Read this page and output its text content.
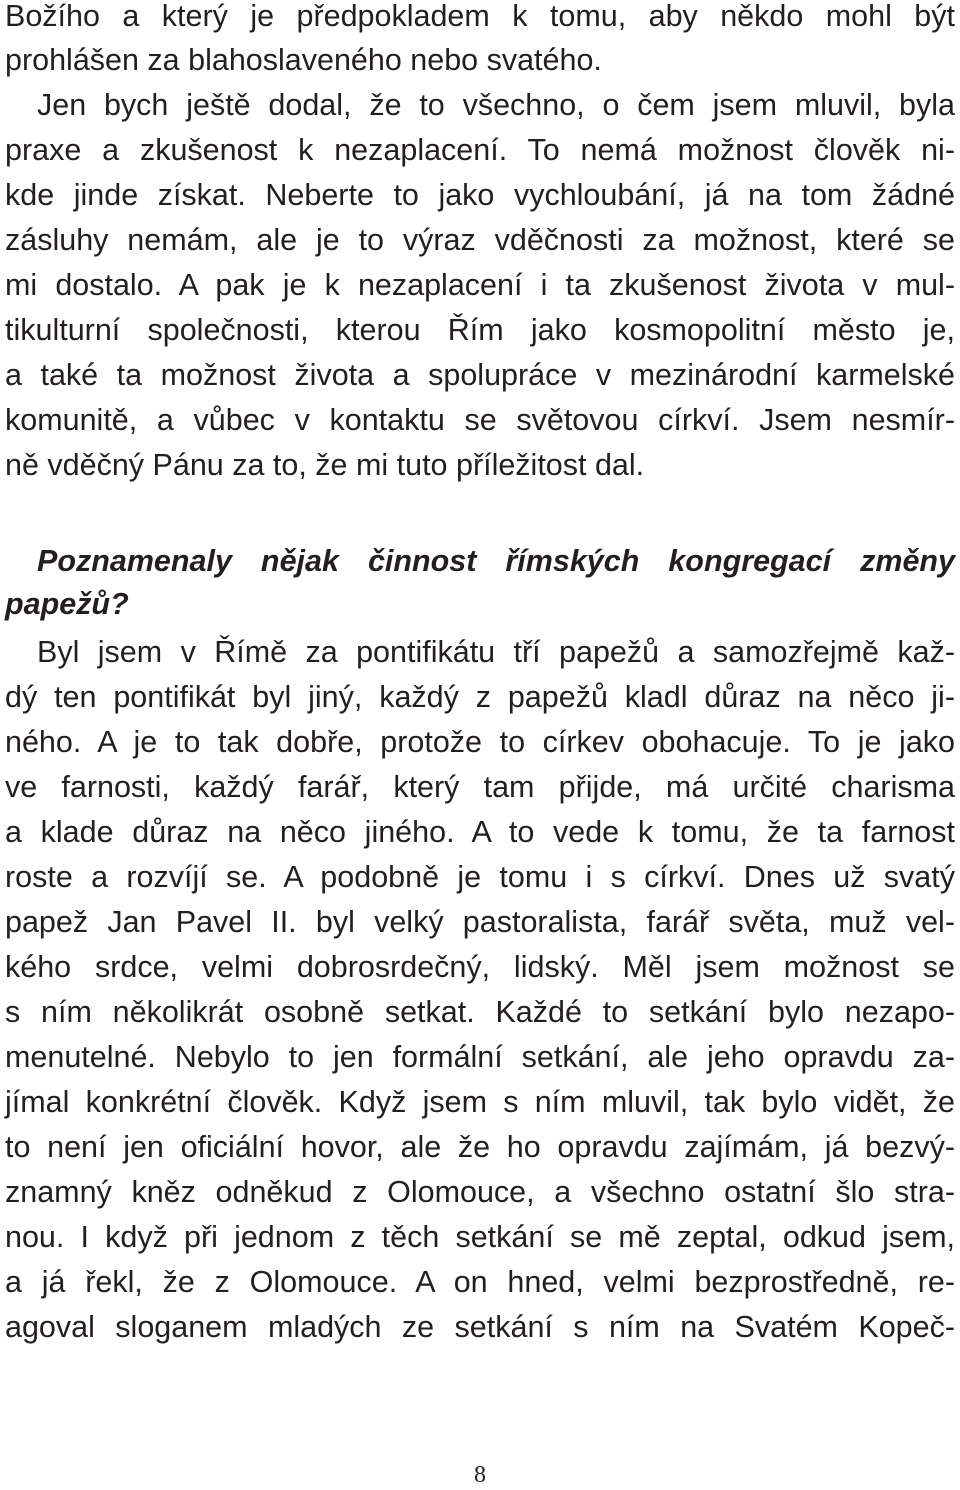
Božího a který je předpokladem k tomu, aby někdo mohl být
prohlášen za blahoslaveného nebo svatého.
Jen bych ještě dodal, že to všechno, o čem jsem mluvil, byla
praxe a zkušenost k nezaplacení. To nemá možnost člověk ni-
kde jinde získat. Neberte to jako vychloubání, já na tom žádné
zásluhy nemám, ale je to výraz vděčnosti za možnost, které se
mi dostalo. A pak je k nezaplacení i ta zkušenost života v mul-
tikulturní společnosti, kterou Řím jako kosmopolitní město je,
a také ta možnost života a spolupráce v mezinárodní karmelské
komunitě, a vůbec v kontaktu se světovou církví. Jsem nesmír-
ně vděčný Pánu za to, že mi tuto příležitost dal.
Poznamenaly nějak činnost římských kongregací změny
papežů?
Byl jsem v Římě za pontifikátu tří papežů a samozřejmě kaž-
dý ten pontifikát byl jiný, každý z papežů kladl důraz na něco ji-
ného. A je to tak dobře, protože to církev obohacuje. To je jako
ve farnosti, každý farář, který tam přijde, má určité charisma
a klade důraz na něco jiného. A to vede k tomu, že ta farnost
roste a rozvíjí se. A podobně je tomu i s církví. Dnes už svatý
papež Jan Pavel II. byl velký pastoralista, farář světa, muž vel-
kého srdce, velmi dobrosrdečný, lidský. Měl jsem možnost se
s ním několikrát osobně setkat. Každé to setkání bylo nezapo-
menutelné. Nebylo to jen formální setkání, ale jeho opravdu za-
jímal konkrétní člověk. Když jsem s ním mluvil, tak bylo vidět, že
to není jen oficiální hovor, ale že ho opravdu zajímám, já bezvý-
znamný kněz odněkud z Olomouce, a všechno ostatní šlo stra-
nou. I když při jednom z těch setkání se mě zeptal, odkud jsem,
a já řekl, že z Olomouce. A on hned, velmi bezprostředně, re-
agoval sloganem mladých ze setkání s ním na Svatém Kopeč-
8
